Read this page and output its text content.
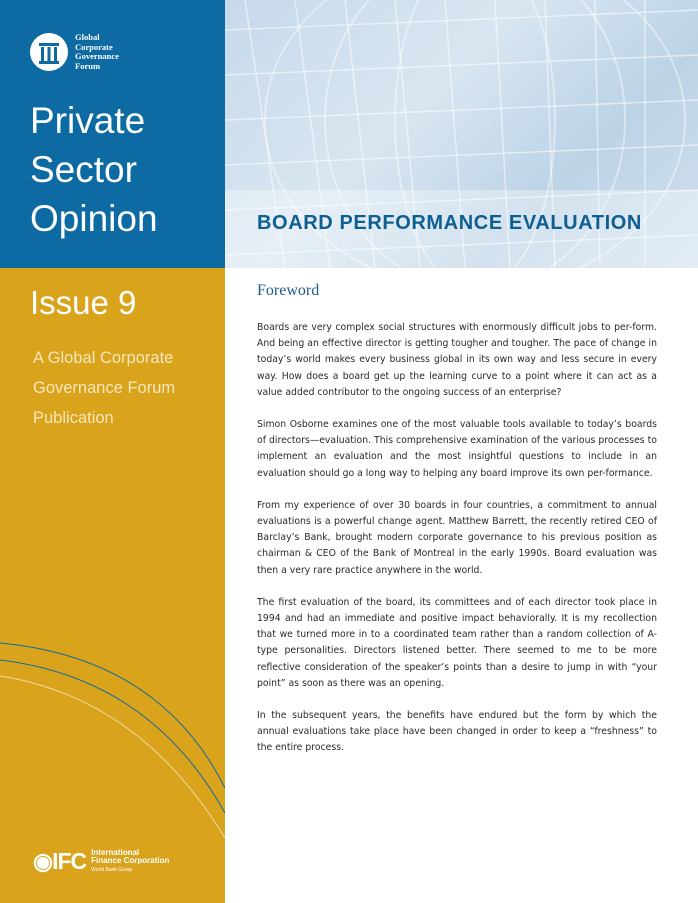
Global
Corporate
Governance
Forum
Private
Sector
Opinion	BOARD PERFORMANCE EVALUATION
Issue 9
A Global Corporate
Governance Forum
Publication
Foreword

Boards are very complex social structures with enormously difficult jobs to per-form. And being an effective director is getting tougher and tougher. The pace of change in today’s world makes every business global in its own way and less secure in every way. How does a board get up the learning curve to a point where it can act as a value added contributor to the ongoing success of an enterprise?

Simon Osborne examines one of the most valuable tools available to today’s boards of directors—evaluation. This comprehensive examination of the various processes to implement an evaluation and the most insightful questions to include in an evaluation should go a long way to helping any board improve its own per-formance.

From my experience of over 30 boards in four countries, a commitment to annual evaluations is a powerful change agent. Matthew Barrett, the recently retired CEO of Barclay’s Bank, brought modern corporate governance to his previous position as chairman & CEO of the Bank of Montreal in the early 1990s. Board evaluation was then a very rare practice anywhere in the world.

The first evaluation of the board, its committees and of each director took place in 1994 and had an immediate and positive impact behaviorally. It is my recollection that we turned more in to a coordinated team rather than a random collection of A-type personalities. Directors listened better. There seemed to me to be more reflective consideration of the speaker’s points than a desire to jump in with “your point” as soon as there was an opening.

In the subsequent years, the benefits have endured but the form by which the annual evaluations take place have been changed in order to keep a “freshness” to the entire process.

◉IFC International
Finance Corporation
World Bank Group
